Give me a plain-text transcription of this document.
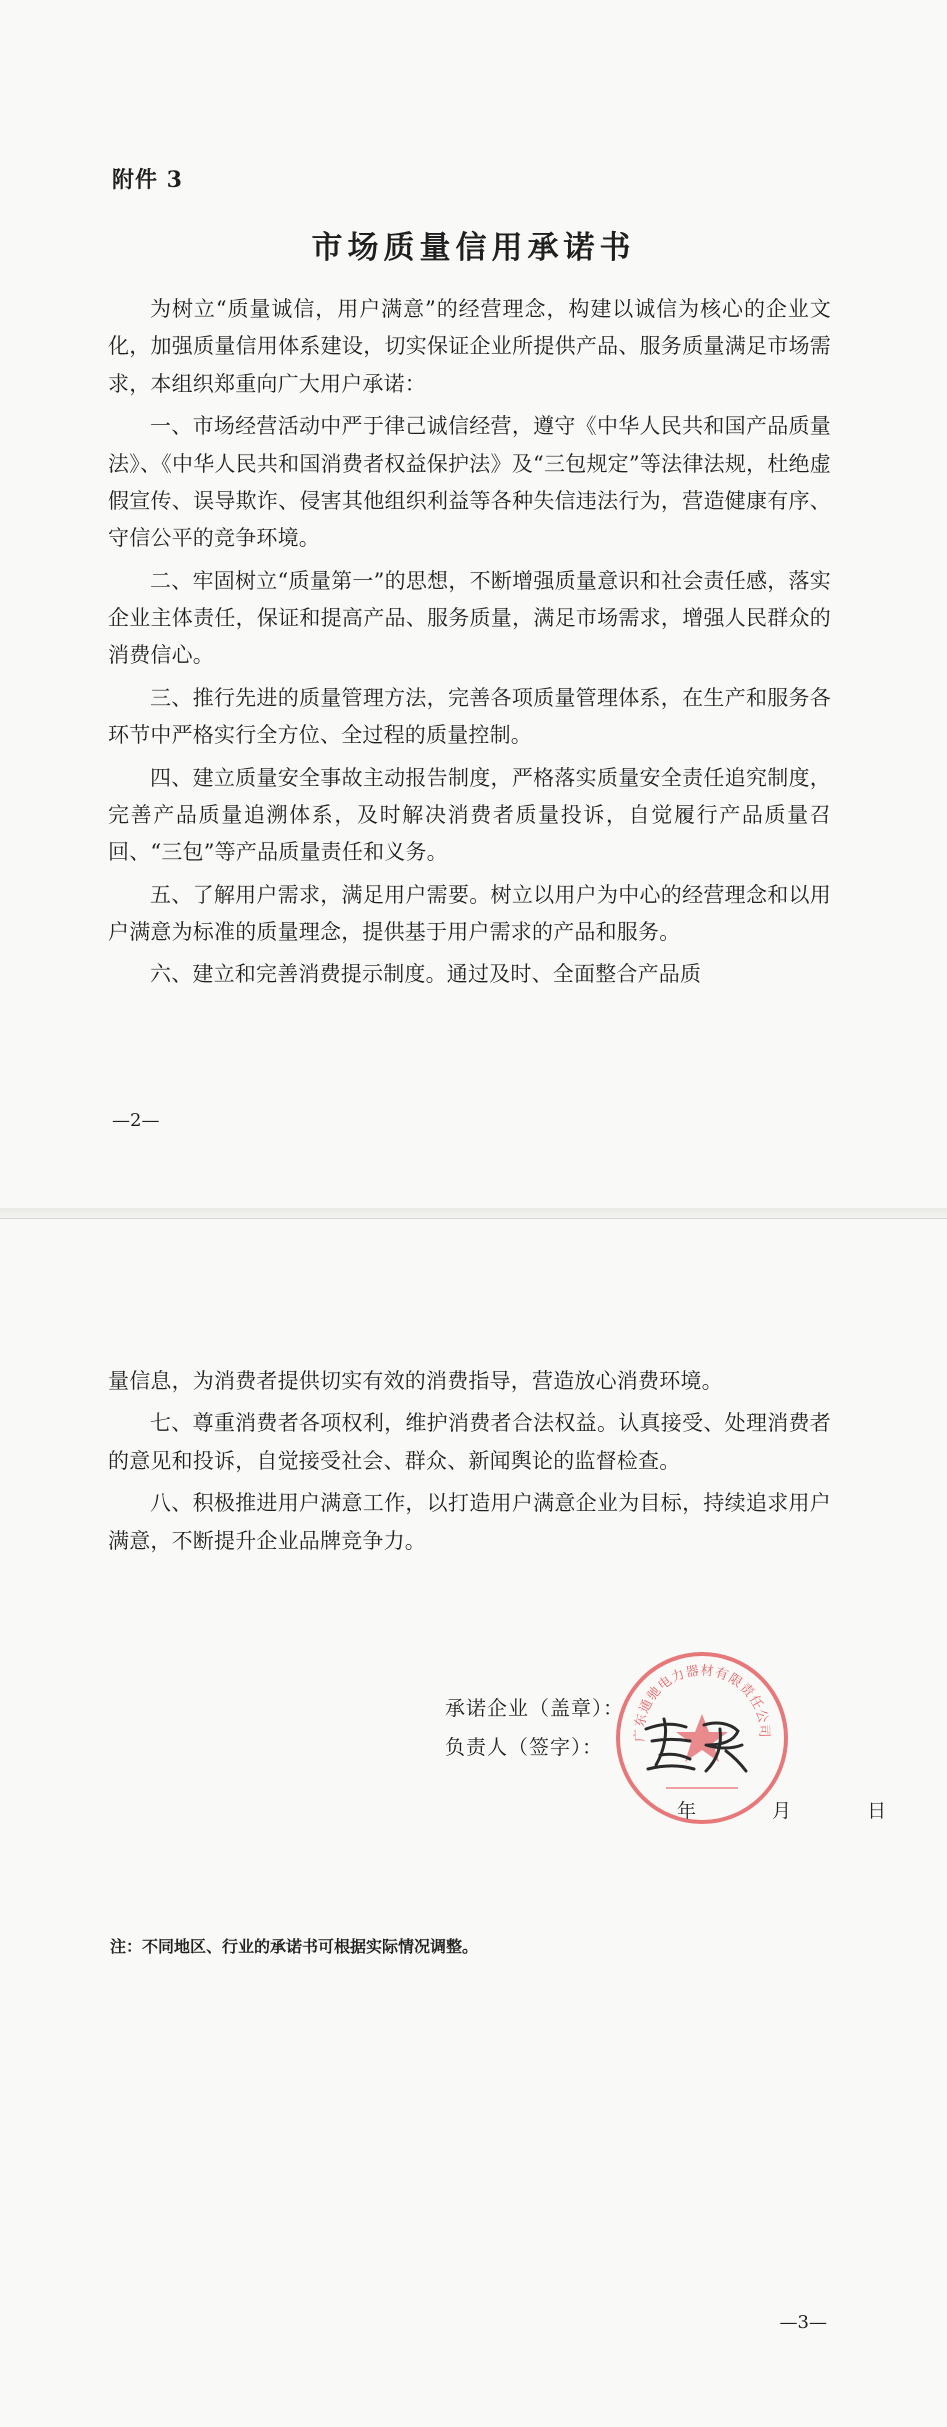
附件 3
市场质量信用承诺书

为树立“质量诚信，用户满意”的经营理念，构建以诚信为核心的企业文化，加强质量信用体系建设，切实保证企业所提供产品、服务质量满足市场需求，本组织郑重向广大用户承诺：

一、市场经营活动中严于律己诚信经营，遵守《中华人民共和国产品质量法》、《中华人民共和国消费者权益保护法》及“三包规定”等法律法规，杜绝虚假宣传、误导欺诈、侵害其他组织利益等各种失信违法行为，营造健康有序、守信公平的竞争环境。

二、牢固树立“质量第一”的思想，不断增强质量意识和社会责任感，落实企业主体责任，保证和提高产品、服务质量，满足市场需求，增强人民群众的消费信心。

三、推行先进的质量管理方法，完善各项质量管理体系，在生产和服务各环节中严格实行全方位、全过程的质量控制。

四、建立质量安全事故主动报告制度，严格落实质量安全责任追究制度，完善产品质量追溯体系，及时解决消费者质量投诉，自觉履行产品质量召回、“三包”等产品质量责任和义务。

五、了解用户需求，满足用户需要。树立以用户为中心的经营理念和以用户满意为标准的质量理念，提供基于用户需求的产品和服务。

六、建立和完善消费提示制度。通过及时、全面整合产品质

—2—

量信息，为消费者提供切实有效的消费指导，营造放心消费环境。

七、尊重消费者各项权利，维护消费者合法权益。认真接受、处理消费者的意见和投诉，自觉接受社会、群众、新闻舆论的监督检查。

八、积极推进用户满意工作，以打造用户满意企业为目标，持续追求用户满意，不断提升企业品牌竞争力。

承诺企业（盖章）：
负责人（签字）：
广东通驰电力器材有限责任公司
年	月	日
注：不同地区、行业的承诺书可根据实际情况调整。
—3—
